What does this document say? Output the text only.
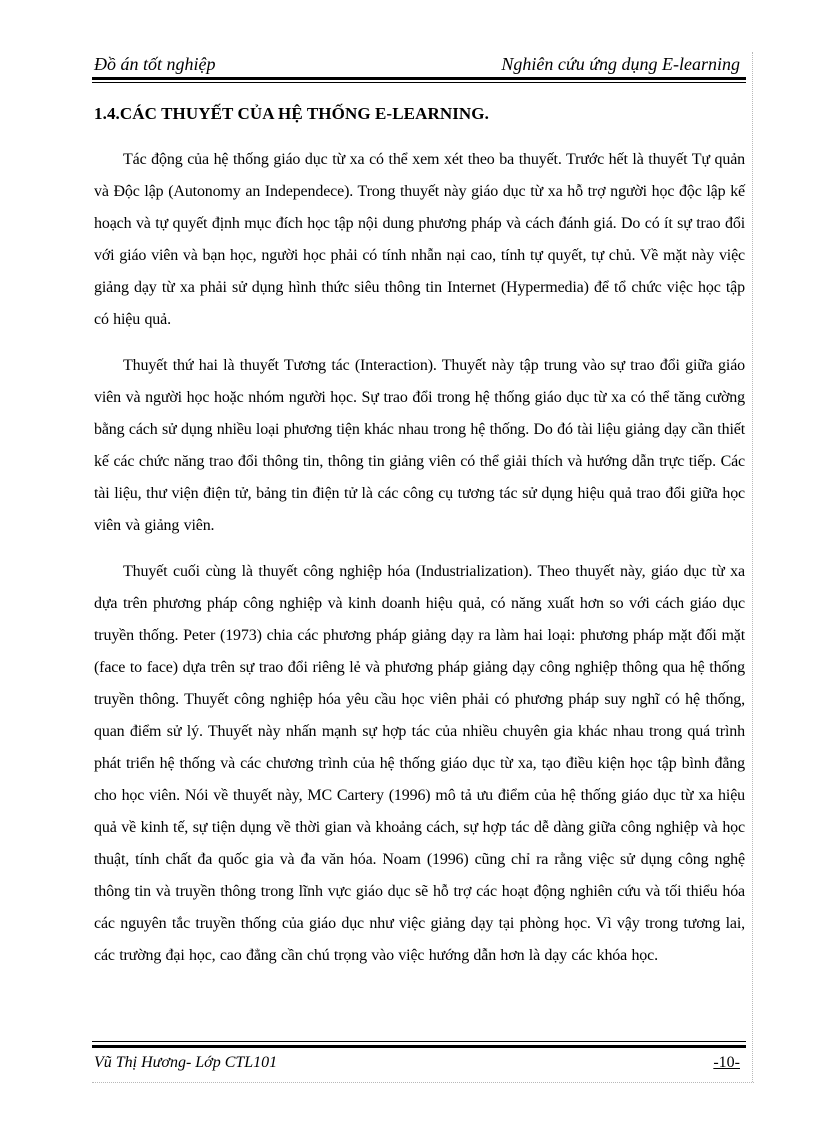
Đồ án tốt nghiệp	Nghiên cứu ứng dụng E-learning
1.4.CÁC THUYẾT CỦA HỆ THỐNG E-LEARNING.

Tác động của hệ thống giáo dục từ xa có thể xem xét theo ba thuyết. Trước hết là thuyết Tự quản và Độc lập (Autonomy an Independece). Trong thuyết này giáo dục từ xa hỗ trợ người học độc lập kế hoạch và tự quyết định mục đích học tập nội dung phương pháp và cách đánh giá. Do có ít sự trao đổi với giáo viên và bạn học, người học phải có tính nhẫn nại cao, tính tự quyết, tự chủ. Về mặt này việc giảng dạy từ xa phải sử dụng hình thức siêu thông tin Internet (Hypermedia) để tổ chức việc học tập có hiệu quả.

Thuyết thứ hai là thuyết Tương tác (Interaction). Thuyết này tập trung vào sự trao đổi giữa giáo viên và người học hoặc nhóm người học. Sự trao đổi trong hệ thống giáo dục từ xa có thể tăng cường bằng cách sử dụng nhiều loại phương tiện khác nhau trong hệ thống. Do đó tài liệu giảng dạy cần thiết kế các chức năng trao đổi thông tin, thông tin giảng viên có thể giải thích và hướng dẫn trực tiếp. Các tài liệu, thư viện điện tử, bảng tin điện tử là các công cụ tương tác sử dụng hiệu quả trao đổi giữa học viên và giảng viên.

Thuyết cuối cùng là thuyết công nghiệp hóa (Industrialization). Theo thuyết này, giáo dục từ xa dựa trên phương pháp công nghiệp và kinh doanh hiệu quả, có năng xuất hơn so với cách giáo dục truyền thống. Peter (1973) chia các phương pháp giảng dạy ra làm hai loại: phương pháp mặt đối mặt (face to face) dựa trên sự trao đổi riêng lẻ và phương pháp giảng dạy công nghiệp thông qua hệ thống truyền thông. Thuyết công nghiệp hóa yêu cầu học viên phải có phương pháp suy nghĩ có hệ thống, quan điểm sử lý. Thuyết này nhấn mạnh sự hợp tác của nhiều chuyên gia khác nhau trong quá trình phát triển hệ thống và các chương trình của hệ thống giáo dục từ xa, tạo điều kiện học tập bình đẳng cho học viên. Nói về thuyết này, MC Cartery (1996) mô tả ưu điểm của hệ thống giáo dục từ xa hiệu quả về kinh tế, sự tiện dụng về thời gian và khoảng cách, sự hợp tác dễ dàng giữa công nghiệp và học thuật, tính chất đa quốc gia và đa văn hóa. Noam (1996) cũng chỉ ra rằng việc sử dụng công nghệ thông tin và truyền thông trong lĩnh vực giáo dục sẽ hỗ trợ các hoạt động nghiên cứu và tối thiểu hóa các nguyên tắc truyền thống của giáo dục như việc giảng dạy tại phòng học. Vì vậy trong tương lai, các trường đại học, cao đẳng cần chú trọng vào việc hướng dẫn hơn là dạy các khóa học.

Vũ Thị Hương- Lớp CTL101	-10-
